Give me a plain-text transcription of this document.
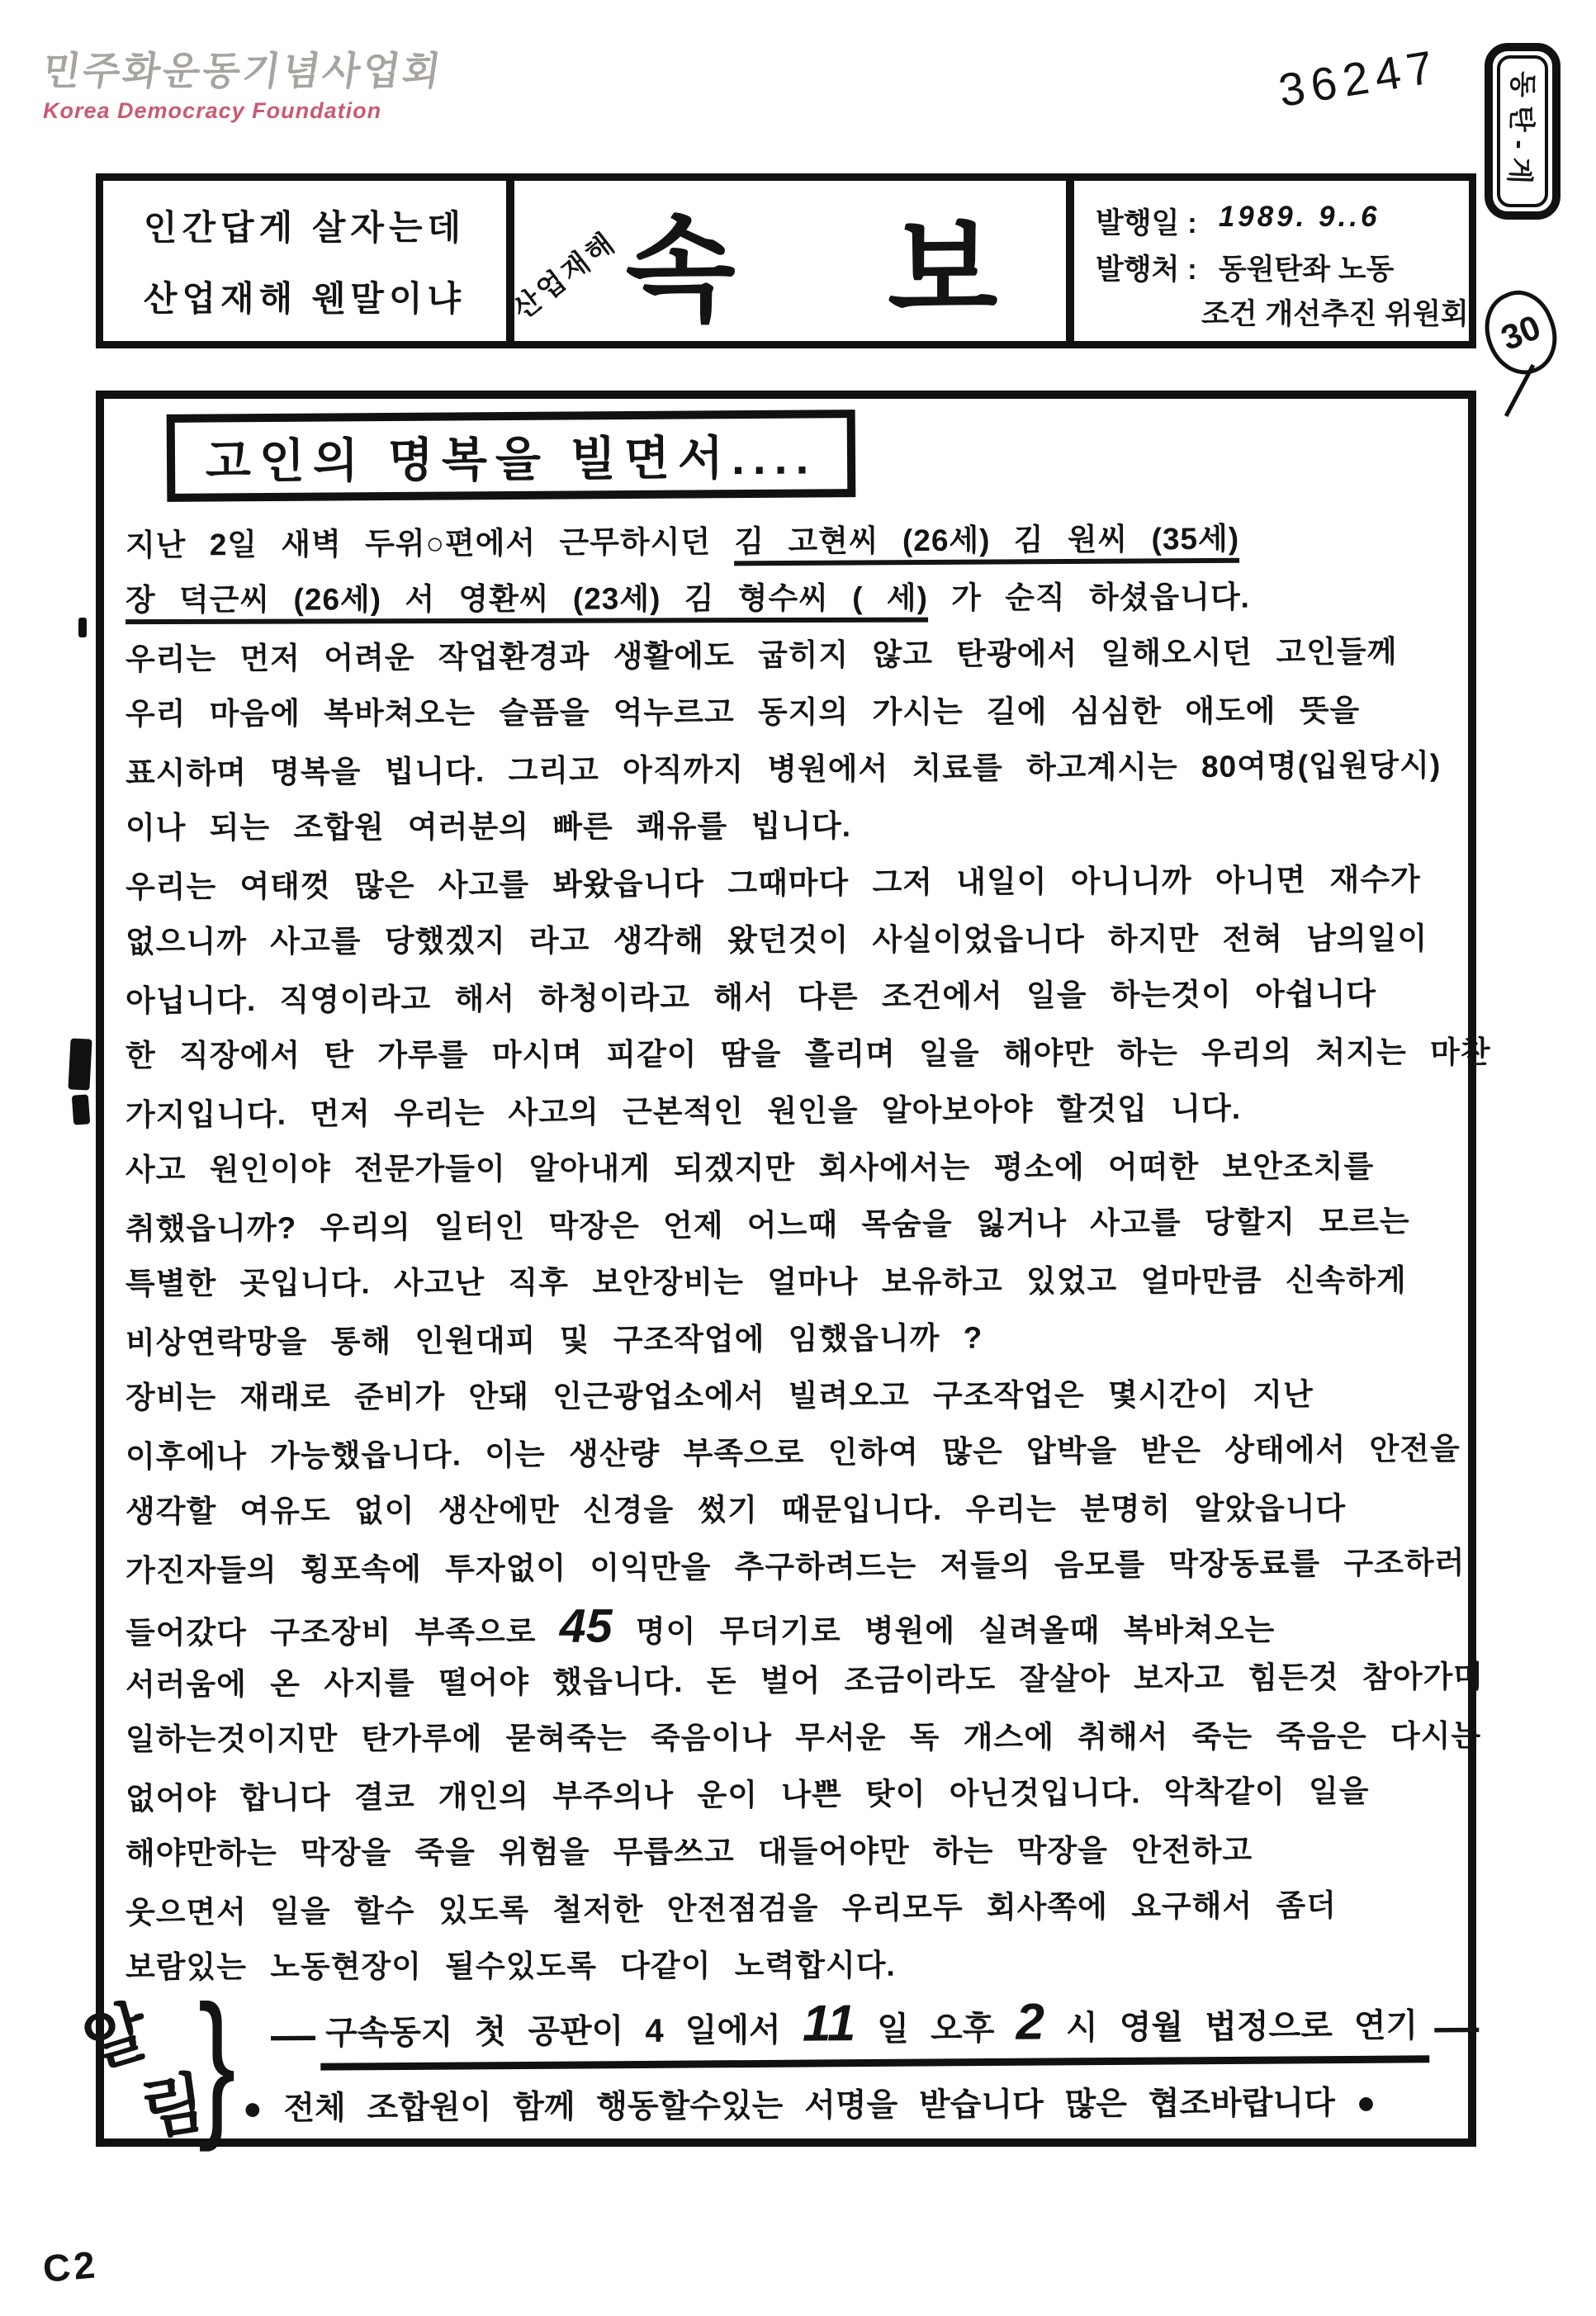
민주화운동기념사업회
Korea Democracy Foundation	36247 동탄-게
30
인간답게 살자는데
산업재해 웬말이냐 산업재해 속 보	발행일 : 1989. 9..6
발행처 : 동원탄좌 노동
조건 개선추진 위원회
고인의 명복을 빌면서....
지난 2일 새벽 두위○편에서 근무하시던 김 고현씨 (26세) 김 원씨 (35세)
장 덕근씨 (26세) 서 영환씨 (23세) 김 형수씨 ( 세) 가 순직 하셨읍니다.
우리는 먼저 어려운 작업환경과 생활에도 굽히지 않고 탄광에서 일해오시던 고인들께
우리 마음에 복바쳐오는 슬픔을 억누르고 동지의 가시는 길에 심심한 애도에 뜻을
표시하며 명복을 빕니다. 그리고 아직까지 병원에서 치료를 하고계시는 80여명(입원당시)
이나 되는 조합원 여러분의 빠른 쾌유를 빕니다.
우리는 여태껏 많은 사고를 봐왔읍니다 그때마다 그저 내일이 아니니까 아니면 재수가
없으니까 사고를 당했겠지 라고 생각해 왔던것이 사실이었읍니다 하지만 전혀 남의일이
아닙니다. 직영이라고 해서 하청이라고 해서 다른 조건에서 일을 하는것이 아쉽니다
한 직장에서 탄 가루를 마시며 피같이 땀을 흘리며 일을 해야만 하는 우리의 처지는 마찬
가지입니다. 먼저 우리는 사고의 근본적인 원인을 알아보아야 할것입 니다.
사고 원인이야 전문가들이 알아내게 되겠지만 회사에서는 평소에 어떠한 보안조치를
취했읍니까? 우리의 일터인 막장은 언제 어느때 목숨을 잃거나 사고를 당할지 모르는
특별한 곳입니다. 사고난 직후 보안장비는 얼마나 보유하고 있었고 얼마만큼 신속하게
비상연락망을 통해 인원대피 및 구조작업에 임했읍니까 ?
장비는 재래로 준비가 안돼 인근광업소에서 빌려오고 구조작업은 몇시간이 지난
이후에나 가능했읍니다. 이는 생산량 부족으로 인하여 많은 압박을 받은 상태에서 안전을
생각할 여유도 없이 생산에만 신경을 썼기 때문입니다. 우리는 분명히 알았읍니다
가진자들의 횡포속에 투자없이 이익만을 추구하려드는 저들의 음모를 막장동료를 구조하러
들어갔다 구조장비 부족으로 45 명이 무더기로 병원에 실려올때 복바쳐오는
서러움에 온 사지를 떨어야 했읍니다. 돈 벌어 조금이라도 잘살아 보자고 힘든것 참아가며
일하는것이지만 탄가루에 묻혀죽는 죽음이나 무서운 독 개스에 취해서 죽는 죽음은 다시는
없어야 합니다 결코 개인의 부주의나 운이 나쁜 탓이 아닌것입니다. 악착같이 일을
해야만하는 막장을 죽을 위험을 무릅쓰고 대들어야만 하는 막장을 안전하고
웃으면서 일을 할수 있도록 철저한 안전점검을 우리모두 회사쪽에 요구해서 좀더
보람있는 노동현장이 될수있도록 다같이 노력합시다.
알
림
} — 구속동지 첫 공판이 4 일에서 11 일 오후 2 시 영월 법정으로 연기 —
● 전체 조합원이 함께 행동할수있는 서명을 받습니다 많은 협조바랍니다 ●
C2
